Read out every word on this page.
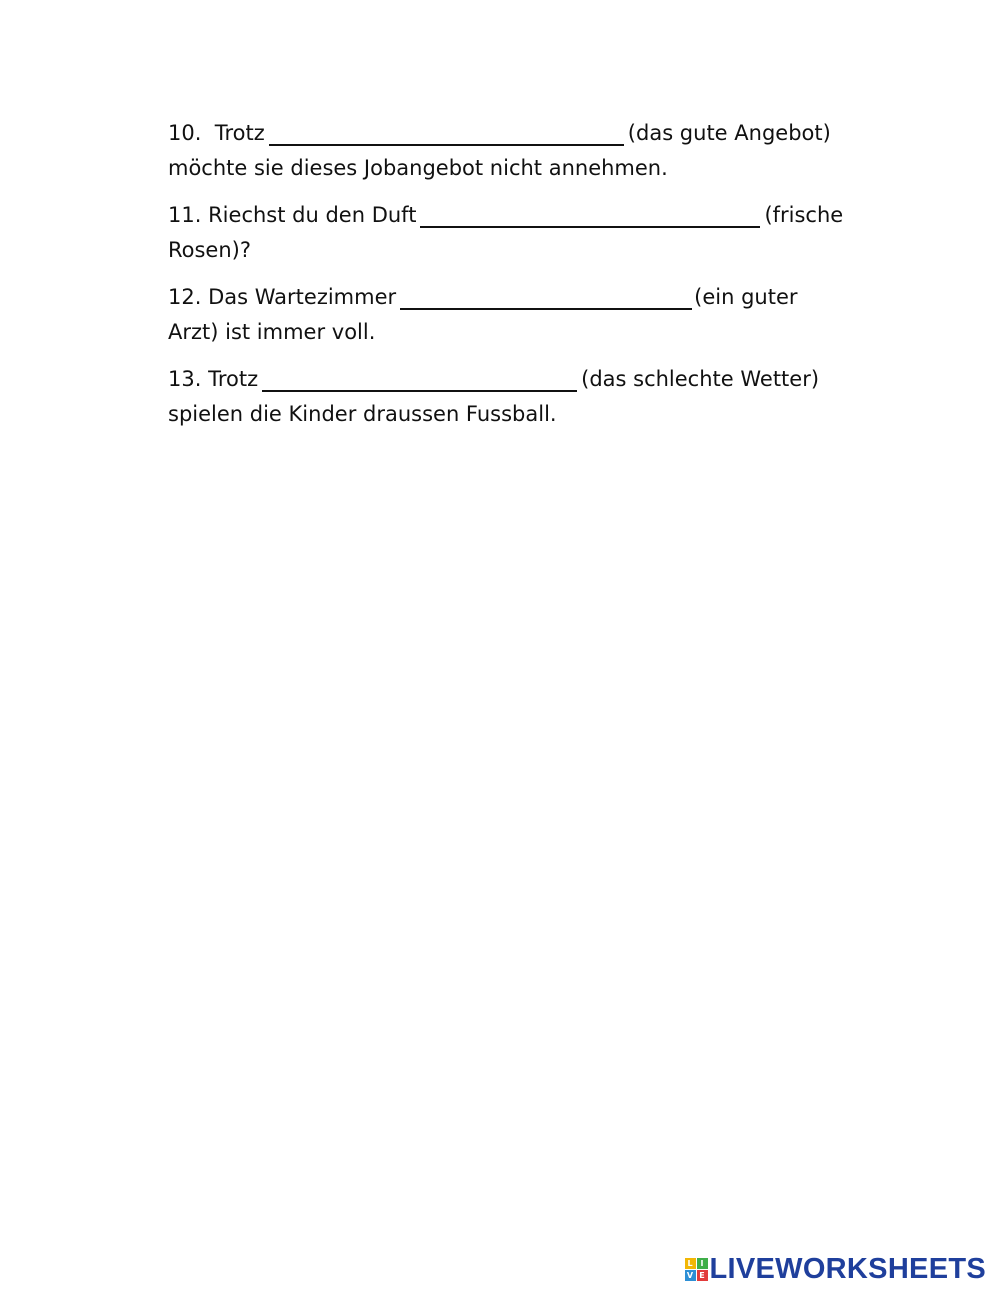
10. Trotz	(das gute Angebot)
möchte sie dieses Jobangebot nicht annehmen.
11. Riechst du den Duft	(frische
Rosen)?
12. Das Wartezimmer	(ein guter
Arzt) ist immer voll.
13. Trotz	(das schlechte Wetter)
spielen die Kinder draussen Fussball.
L I
V E LIVEWORKSHEETS
